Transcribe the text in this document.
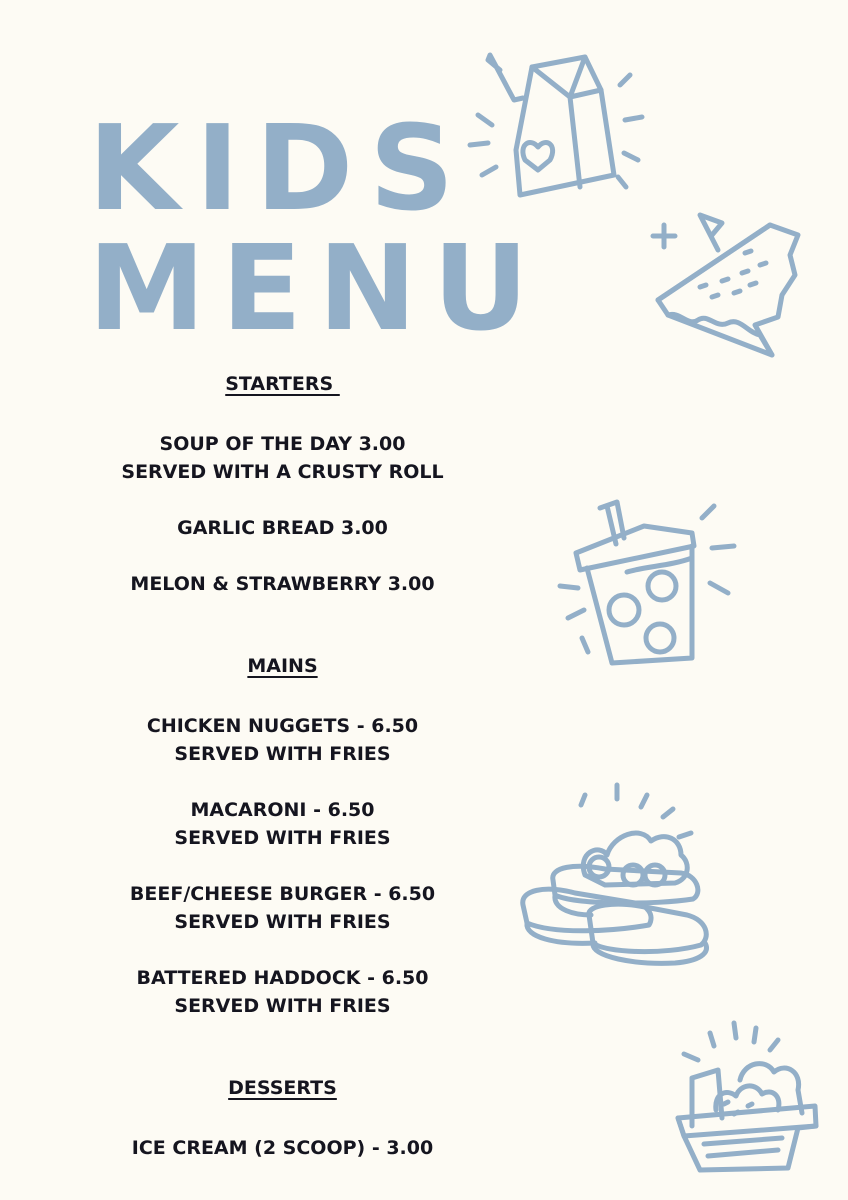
KIDS
MENU
STARTERS
SOUP OF THE DAY 3.00
SERVED WITH A CRUSTY ROLL
GARLIC BREAD 3.00
MELON & STRAWBERRY 3.00
MAINS
CHICKEN NUGGETS - 6.50
SERVED WITH FRIES
MACARONI - 6.50
SERVED WITH FRIES
BEEF/CHEESE BURGER - 6.50
SERVED WITH FRIES
BATTERED HADDOCK - 6.50
SERVED WITH FRIES
DESSERTS
ICE CREAM (2 SCOOP) - 3.00
